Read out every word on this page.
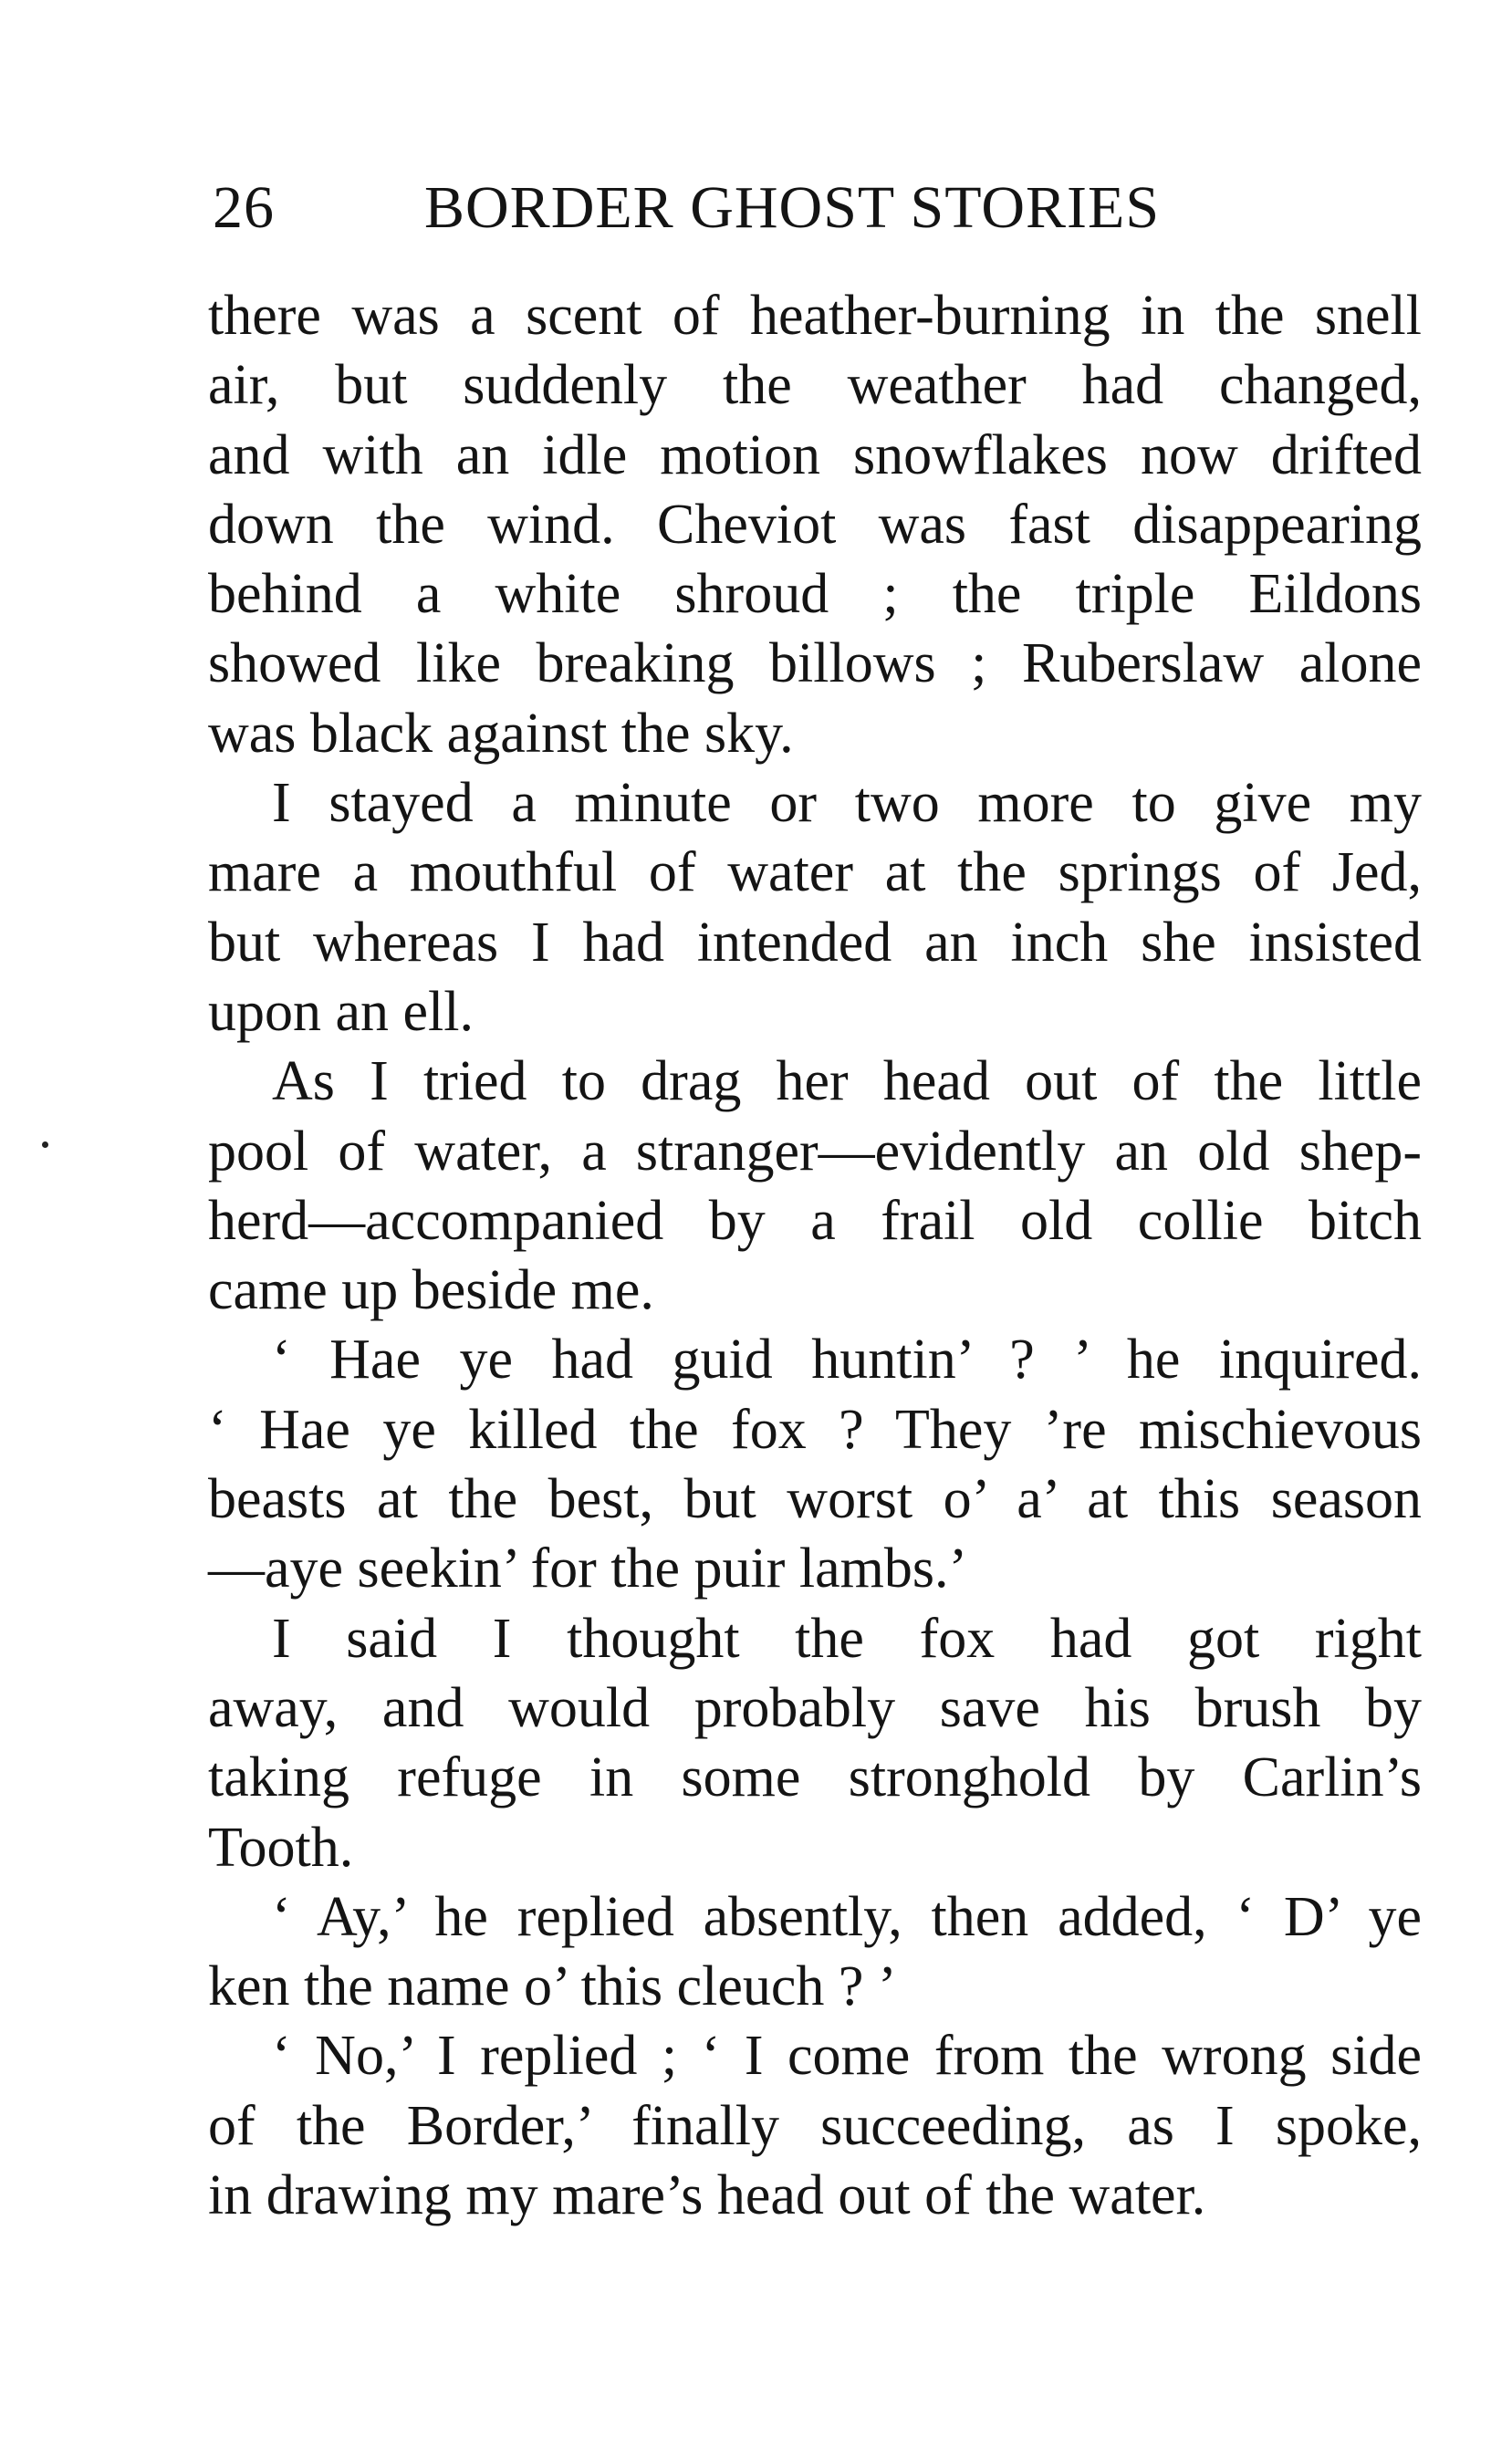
26 BORDER GHOST STORIES
there was a scent of heather-burning in the snell
air, but suddenly the weather had changed,
and with an idle motion snowflakes now drifted
down the wind. Cheviot was fast disappearing
behind a white shroud ; the triple Eildons
showed like breaking billows ; Ruberslaw alone
was black against the sky.
I stayed a minute or two more to give my
mare a mouthful of water at the springs of Jed,
but whereas I had intended an inch she insisted
upon an ell.
As I tried to drag her head out of the little
pool of water, a stranger—evidently an old shep-
herd—accompanied by a frail old collie bitch
came up beside me.
‘ Hae ye had guid huntin’ ? ’ he inquired.
‘ Hae ye killed the fox ? They ’re mischievous
beasts at the best, but worst o’ a’ at this season
—aye seekin’ for the puir lambs.’
I said I thought the fox had got right
away, and would probably save his brush by
taking refuge in some stronghold by Carlin’s
Tooth.
‘ Ay,’ he replied absently, then added, ‘ D’ ye
ken the name o’ this cleuch ? ’
‘ No,’ I replied ; ‘ I come from the wrong side
of the Border,’ finally succeeding, as I spoke,
in drawing my mare’s head out of the water.
